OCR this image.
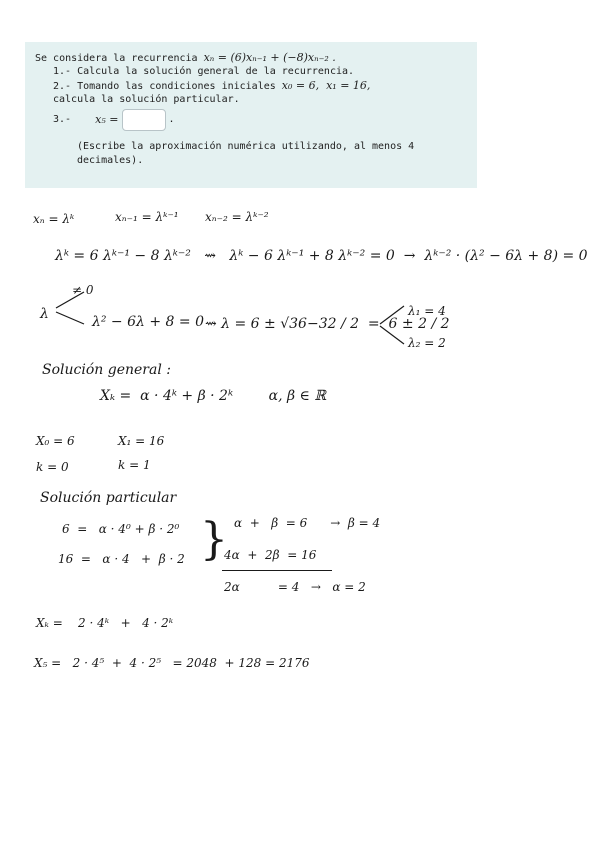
Se considera la recurrencia xₙ = (6)xₙ₋₁ + (−8)xₙ₋₂ .
1.- Calcula la solución general de la recurrencia.
2.- Tomando las condiciones iniciales x₀ = 6,  x₁ = 16,
calcula la solución particular.
3.- x₅ =	.
(Escribe la aproximación numérica utilizando, al menos 4 decimales).
xₙ = λᵏ	xₙ₋₁ = λᵏ⁻¹ xₙ₋₂ = λᵏ⁻²
λᵏ = 6 λᵏ⁻¹ − 8 λᵏ⁻²   ⇝   λᵏ − 6 λᵏ⁻¹ + 8 λᵏ⁻² = 0  →  λᵏ⁻² · (λ² − 6λ + 8) = 0
λ
≠ 0
λ² − 6λ + 8 = 0 ⇝ λ = 6 ± √36−32 / 2  =  6 ± 2 / 2
λ₁ = 4
λ₂ = 2
Solución general :
Xₖ =  α · 4ᵏ + β · 2ᵏ        α, β ∈ ℝ
X₀ = 6	X₁ = 16
k = 0	k = 1
Solución particular
6  =   α · 4⁰ + β · 2⁰
16  =   α · 4   +  β · 2 } α  +   β  = 6      →  β = 4
4α  +  2β  = 16
2α          = 4   →   α = 2
Xₖ =    2 · 4ᵏ   +   4 · 2ᵏ
X₅ =   2 · 4⁵  +  4 · 2⁵   = 2048  + 128 = 2176
